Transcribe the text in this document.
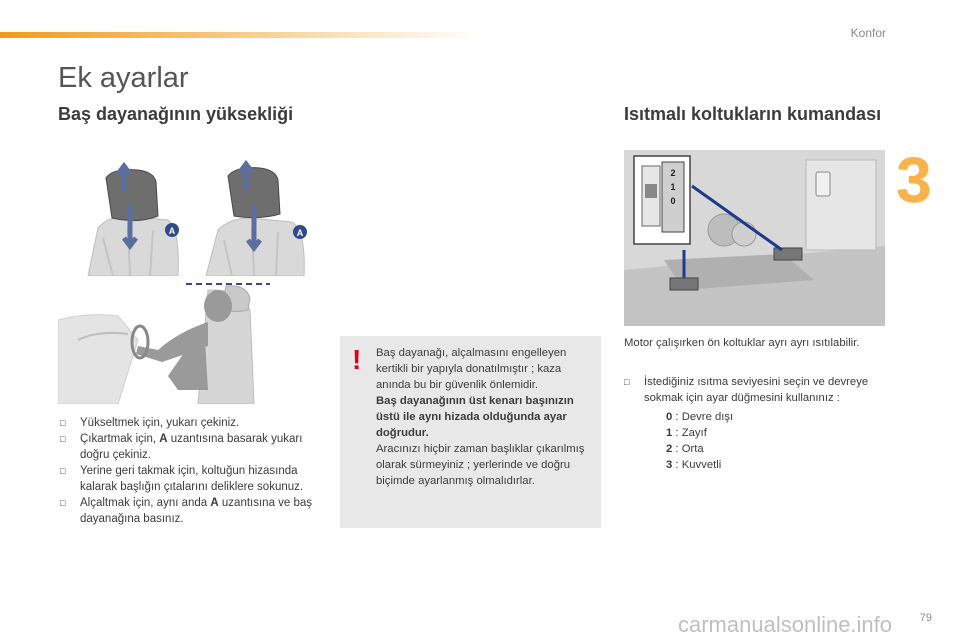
Konfor
3
Ek ayarlar
Baş dayanağının yüksekliği	Isıtmalı koltukların kumandası
A	A
□ Yükseltmek için, yukarı çekiniz.
□ Çıkartmak için, A uzantısına basarak yukarı doğru çekiniz.
□ Yerine geri takmak için, koltuğun hizasında kalarak başlığın çıtalarını deliklere sokunuz.
□ Alçaltmak için, aynı anda A uzantısına ve baş dayanağına basınız.
! Baş dayanağı, alçalmasını engelleyen kertikli bir yapıyla donatılmıştır ; kaza anında bu bir güvenlik önlemidir.
Baş dayanağının üst kenarı başınızın üstü ile aynı hizada olduğunda ayar doğrudur.
Aracınızı hiçbir zaman başlıklar çıkarılmış olarak sürmeyiniz ; yerlerinde ve doğru biçimde ayarlanmış olmalıdırlar.
2
1
0
Motor çalışırken ön koltuklar ayrı ayrı ısıtılabilir.
□ İstediğiniz ısıtma seviyesini seçin ve devreye sokmak için ayar düğmesini kullanınız :
0 : Devre dışı
1 : Zayıf
2 : Orta
3 : Kuvvetli
carmanualsonline.info	79
